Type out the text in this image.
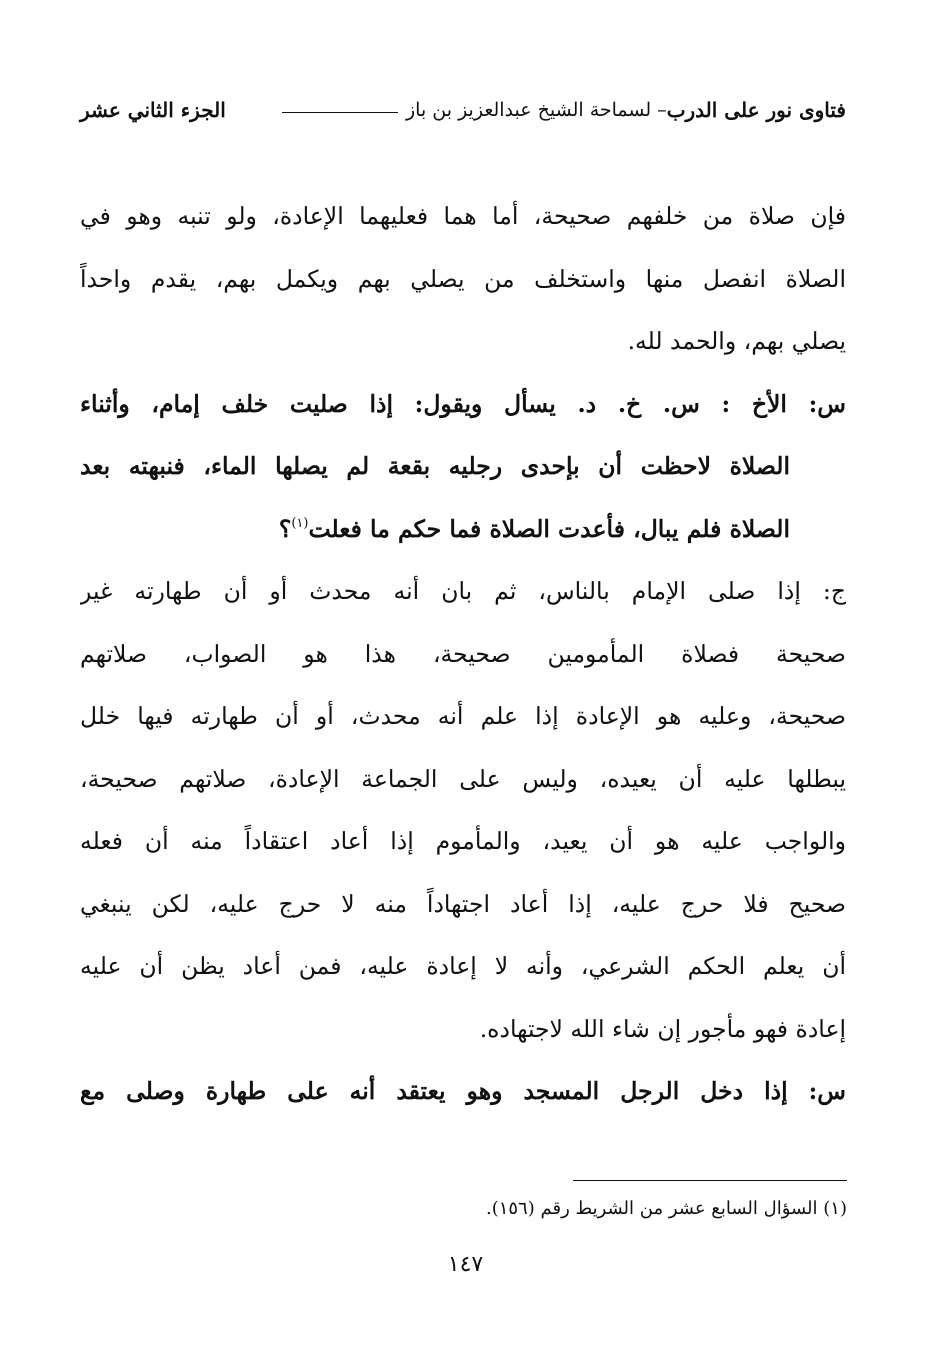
فتاوى نور على الدرب
– لسماحة الشيخ عبدالعزيز بن باز
الجزء الثاني عشر
فإن صلاة من خلفهم صحيحة، أما هما فعليهما الإعادة، ولو تنبه وهو في
الصلاة انفصل منها واستخلف من يصلي بهم ويكمل بهم، يقدم واحداً
يصلي بهم، والحمد لله.
س: الأخ : س. خ. د. يسأل ويقول: إذا صليت خلف إمام، وأثناء
الصلاة لاحظت أن بإحدى رجليه بقعة لم يصلها الماء، فنبهته بعد
الصلاة فلم يبال، فأعدت الصلاة فما حكم ما فعلت$^{(١)}$؟
ج: إذا صلى الإمام بالناس، ثم بان أنه محدث أو أن طهارته غير
صحيحة فصلاة المأمومين صحيحة، هذا هو الصواب، صلاتهم
صحيحة، وعليه هو الإعادة إذا علم أنه محدث، أو أن طهارته فيها خلل
يبطلها عليه أن يعيده، وليس على الجماعة الإعادة، صلاتهم صحيحة،
والواجب عليه هو أن يعيد، والمأموم إذا أعاد اعتقاداً منه أن فعله
صحيح فلا حرج عليه، إذا أعاد اجتهاداً منه لا حرج عليه، لكن ينبغي
أن يعلم الحكم الشرعي، وأنه لا إعادة عليه، فمن أعاد يظن أن عليه
إعادة فهو مأجور إن شاء الله لاجتهاده.
س: إذا دخل الرجل المسجد وهو يعتقد أنه على طهارة وصلى مع
(١) السؤال السابع عشر من الشريط رقم (١٥٦).
١٤٧
